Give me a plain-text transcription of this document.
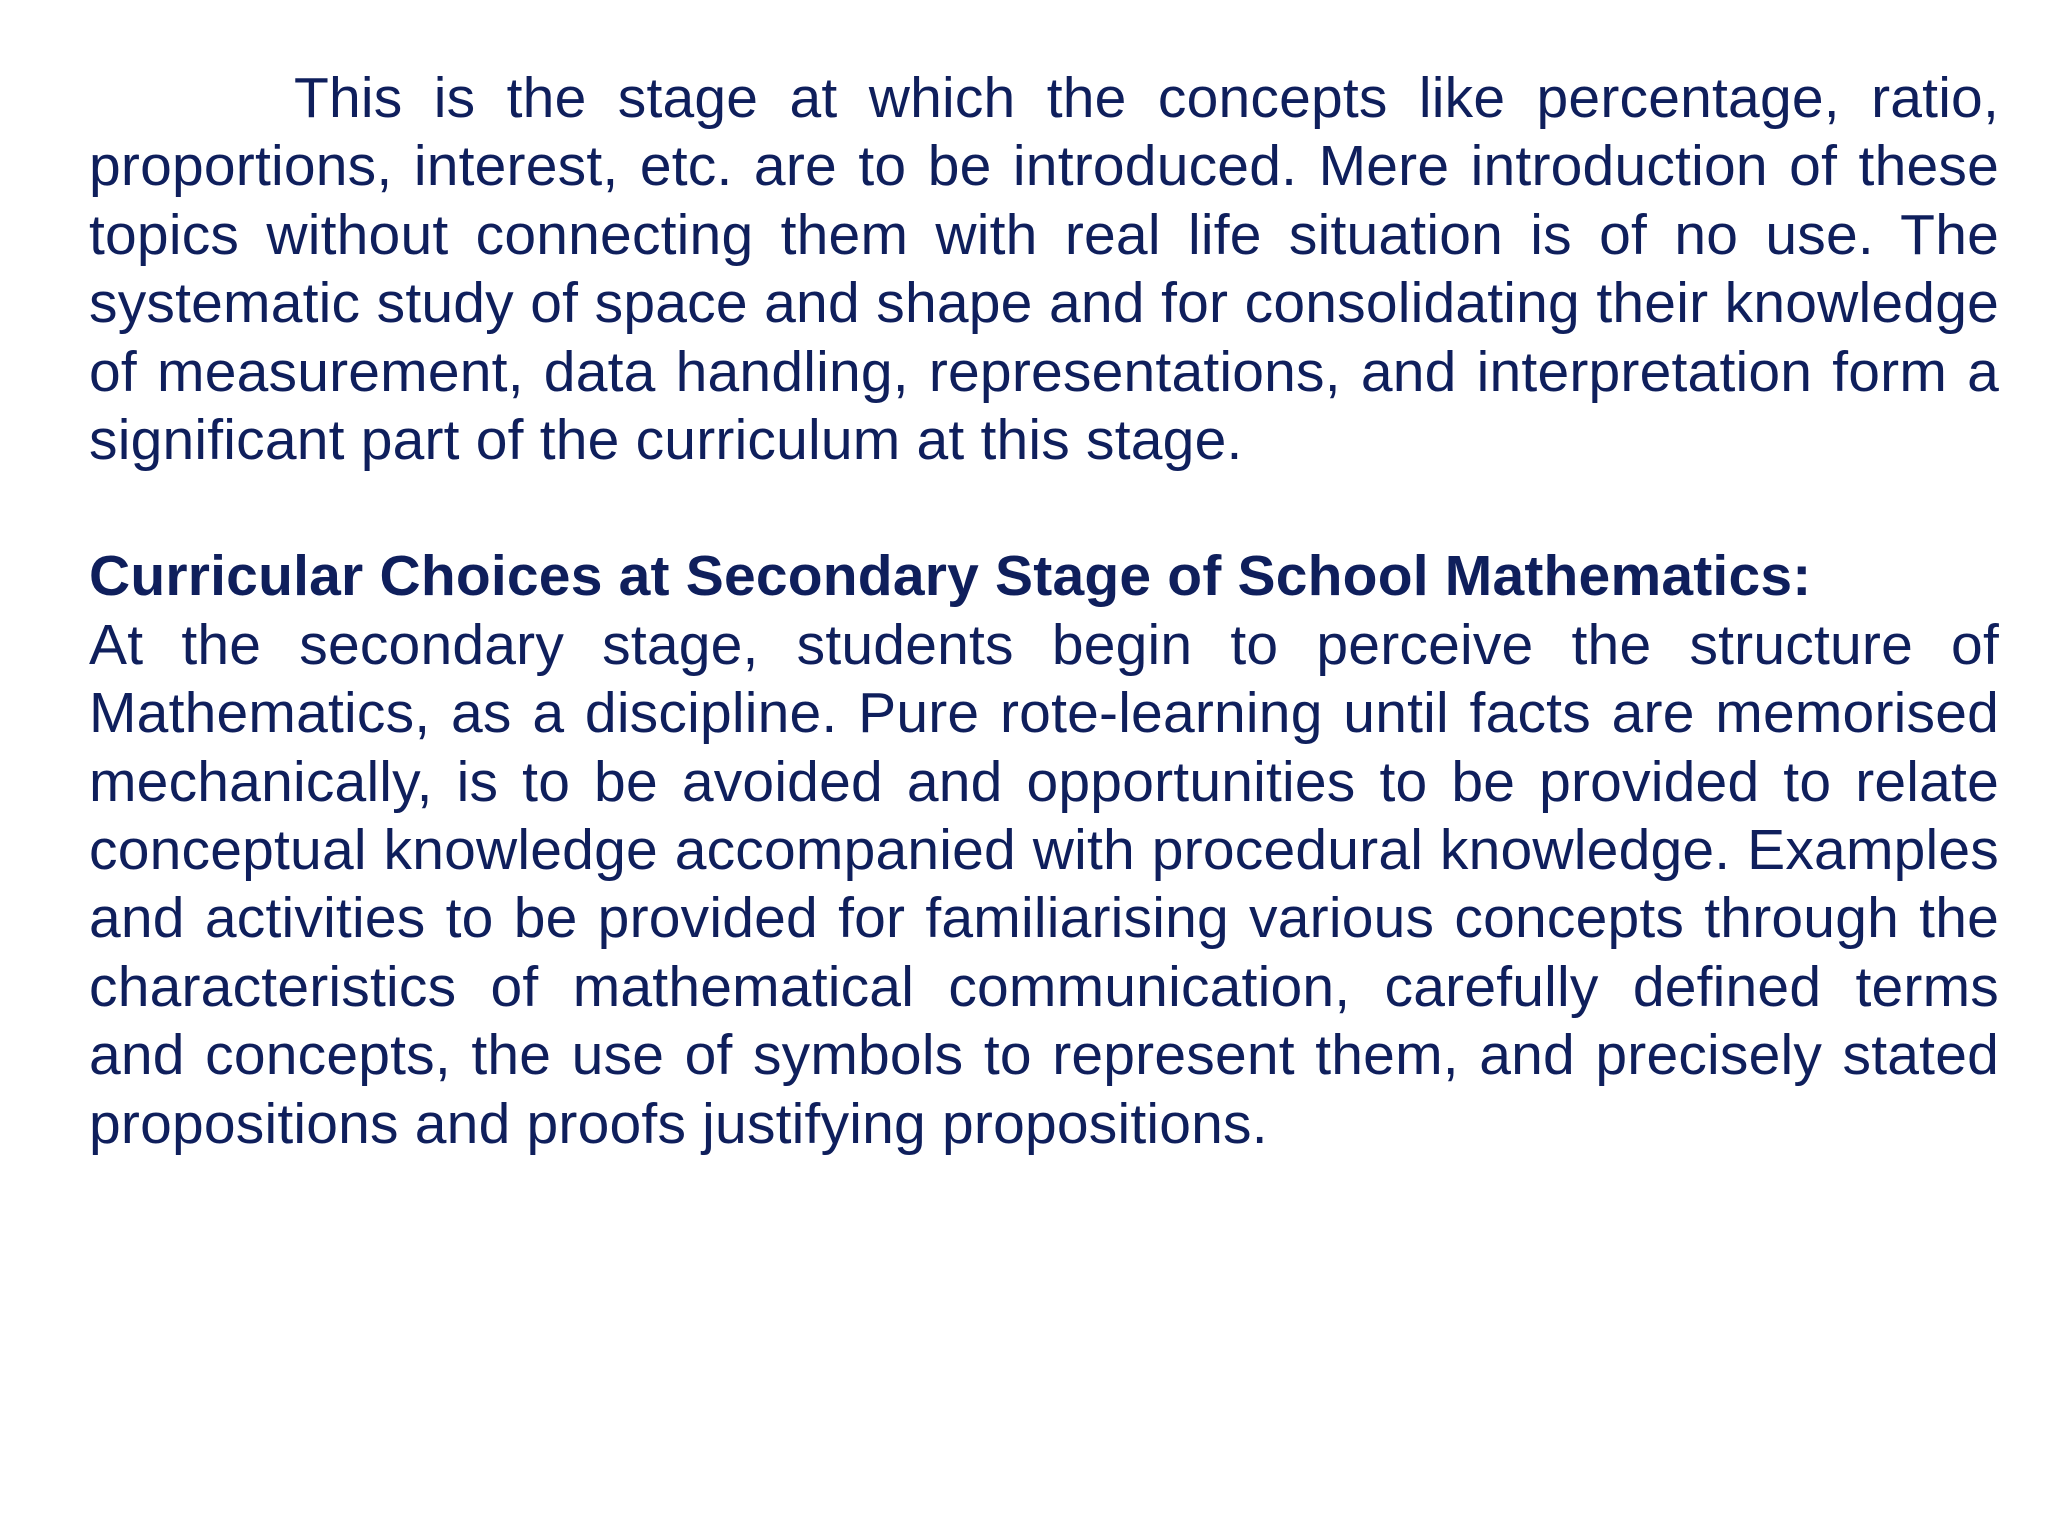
This is the stage at which the concepts like percentage, ratio, proportions, interest, etc. are to be introduced. Mere introduction of these topics without connecting them with real life situation is of no use. The systematic study of space and shape and for consolidating their knowledge of measurement, data handling, representations, and interpretation form a significant part of the curriculum at this stage.

Curricular Choices at Secondary Stage of School Mathematics:

At the secondary stage, students begin to perceive the structure of Mathematics, as a discipline. Pure rote-learning until facts are memorised mechanically, is to be avoided and opportunities to be provided to relate conceptual knowledge accompanied with procedural knowledge. Examples and activities to be provided for familiarising various concepts through the characteristics of mathematical communication, carefully defined terms and concepts, the use of symbols to represent them, and precisely stated propositions and proofs justifying propositions.
